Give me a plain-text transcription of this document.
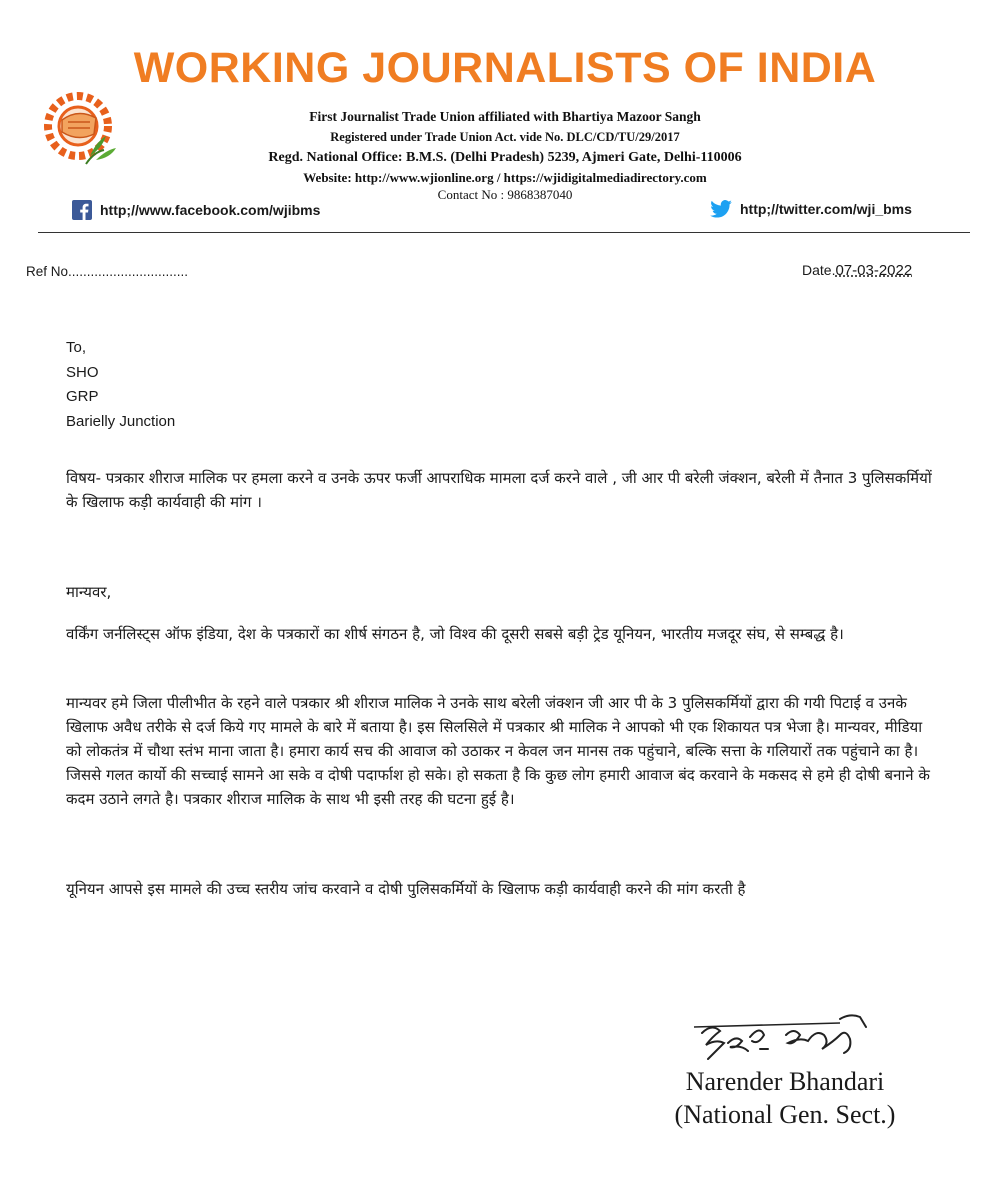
WORKING JOURNALISTS OF INDIA
First Journalist Trade Union affiliated with Bhartiya Mazoor Sangh
Registered under Trade Union Act. vide No. DLC/CD/TU/29/2017
Regd. National Office: B.M.S. (Delhi Pradesh) 5239, Ajmeri Gate, Delhi-110006
Website: http://www.wjionline.org / https://wjidigitalmediadirectory.com
Contact No : 9868387040
http;//www.facebook.com/wjibms	http;//twitter.com/wji_bms
Ref No................................	Date.07-03-2022
To,
SHO
GRP
Barielly Junction
विषय- पत्रकार शीराज मालिक पर हमला करने व उनके ऊपर फर्जी आपराधिक मामला दर्ज करने वाले , जी आर पी बरेली जंक्शन, बरेली में तैनात 3 पुलिसकर्मियों के खिलाफ कड़ी कार्यवाही की मांग ।
मान्यवर,
वर्किंग जर्नलिस्ट्स ऑफ इंडिया, देश के पत्रकारों का शीर्ष संगठन है, जो विश्व की दूसरी सबसे बड़ी ट्रेड यूनियन, भारतीय मजदूर संघ, से सम्बद्ध है।
मान्यवर हमे जिला पीलीभीत के रहने वाले पत्रकार श्री शीराज मालिक ने उनके साथ बरेली जंक्शन जी आर पी के 3 पुलिसकर्मियों द्वारा की गयी पिटाई व उनके खिलाफ अवैध तरीके से दर्ज किये गए मामले के बारे में बताया है। इस सिलसिले में पत्रकार श्री मालिक ने आपको भी एक शिकायत पत्र भेजा है। मान्यवर, मीडिया को लोकतंत्र में चौथा स्तंभ माना जाता है। हमारा कार्य सच की आवाज को उठाकर न केवल जन मानस तक पहुंचाने, बल्कि सत्ता के गलियारों तक पहुंचाने का है। जिससे गलत कार्यो की सच्चाई सामने आ सके व दोषी पदार्फाश हो सके। हो सकता है कि कुछ लोग हमारी आवाज बंद करवाने के मकसद से हमे ही दोषी बनाने के कदम उठाने लगते है। पत्रकार शीराज मालिक के साथ भी इसी तरह की घटना हुई है।
यूनियन आपसे इस मामले की उच्च स्तरीय जांच करवाने व दोषी पुलिसकर्मियों के खिलाफ कड़ी कार्यवाही करने की मांग करती है
Narender Bhandari
(National Gen. Sect.)
